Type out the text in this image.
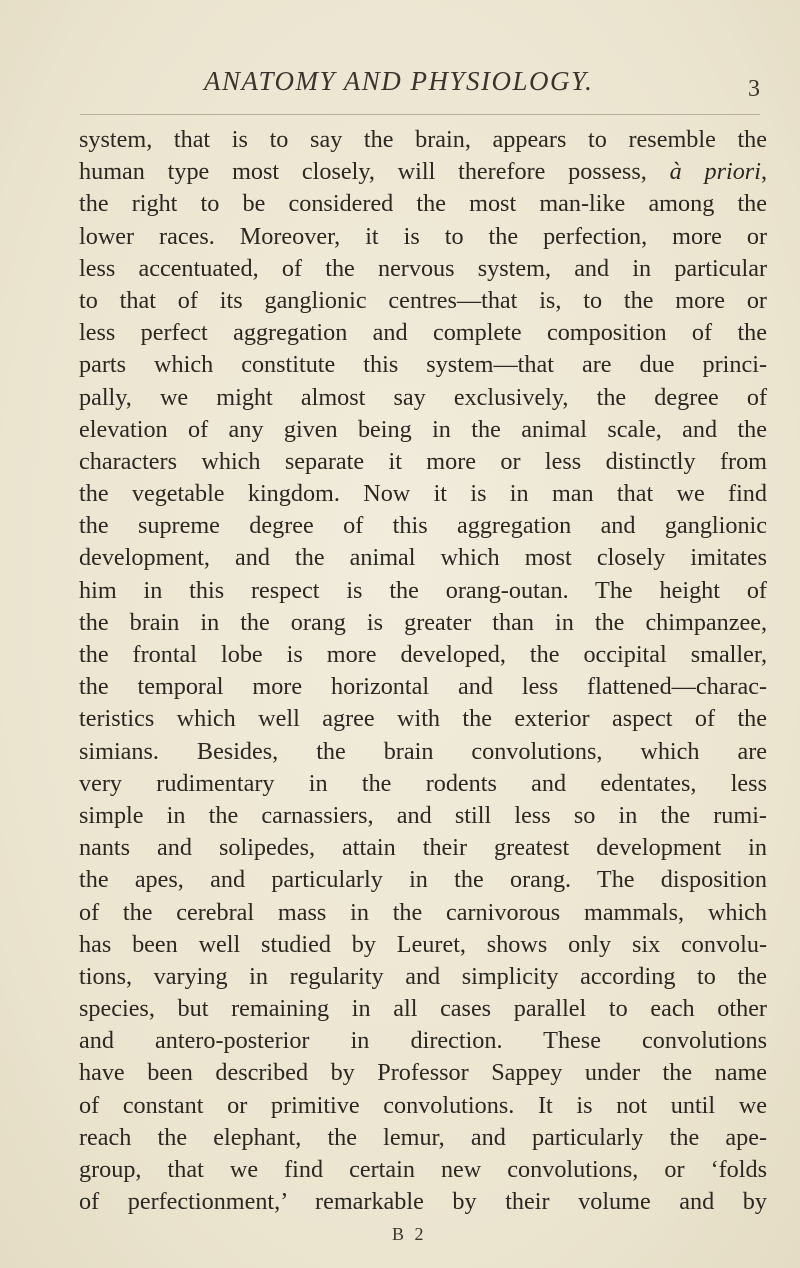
ANATOMY AND PHYSIOLOGY.	3
system, that is to say the brain, appears to resemble the
human type most closely, will therefore possess, à priori,
the right to be considered the most man-like among the
lower races. Moreover, it is to the perfection, more or
less accentuated, of the nervous system, and in particular
to that of its ganglionic centres—that is, to the more or
less perfect aggregation and complete composition of the
parts which constitute this system—that are due princi-
pally, we might almost say exclusively, the degree of
elevation of any given being in the animal scale, and the
characters which separate it more or less distinctly from
the vegetable kingdom. Now it is in man that we find
the supreme degree of this aggregation and ganglionic
development, and the animal which most closely imitates
him in this respect is the orang-outan. The height of
the brain in the orang is greater than in the chimpanzee,
the frontal lobe is more developed, the occipital smaller,
the temporal more horizontal and less flattened—charac-
teristics which well agree with the exterior aspect of the
simians. Besides, the brain convolutions, which are
very rudimentary in the rodents and edentates, less
simple in the carnassiers, and still less so in the rumi-
nants and solipedes, attain their greatest development in
the apes, and particularly in the orang. The disposition
of the cerebral mass in the carnivorous mammals, which
has been well studied by Leuret, shows only six convolu-
tions, varying in regularity and simplicity according to the
species, but remaining in all cases parallel to each other
and antero-posterior in direction. These convolutions
have been described by Professor Sappey under the name
of constant or primitive convolutions. It is not until we
reach the elephant, the lemur, and particularly the ape-
group, that we find certain new convolutions, or ‘folds
of perfectionment,’ remarkable by their volume and by
B 2
